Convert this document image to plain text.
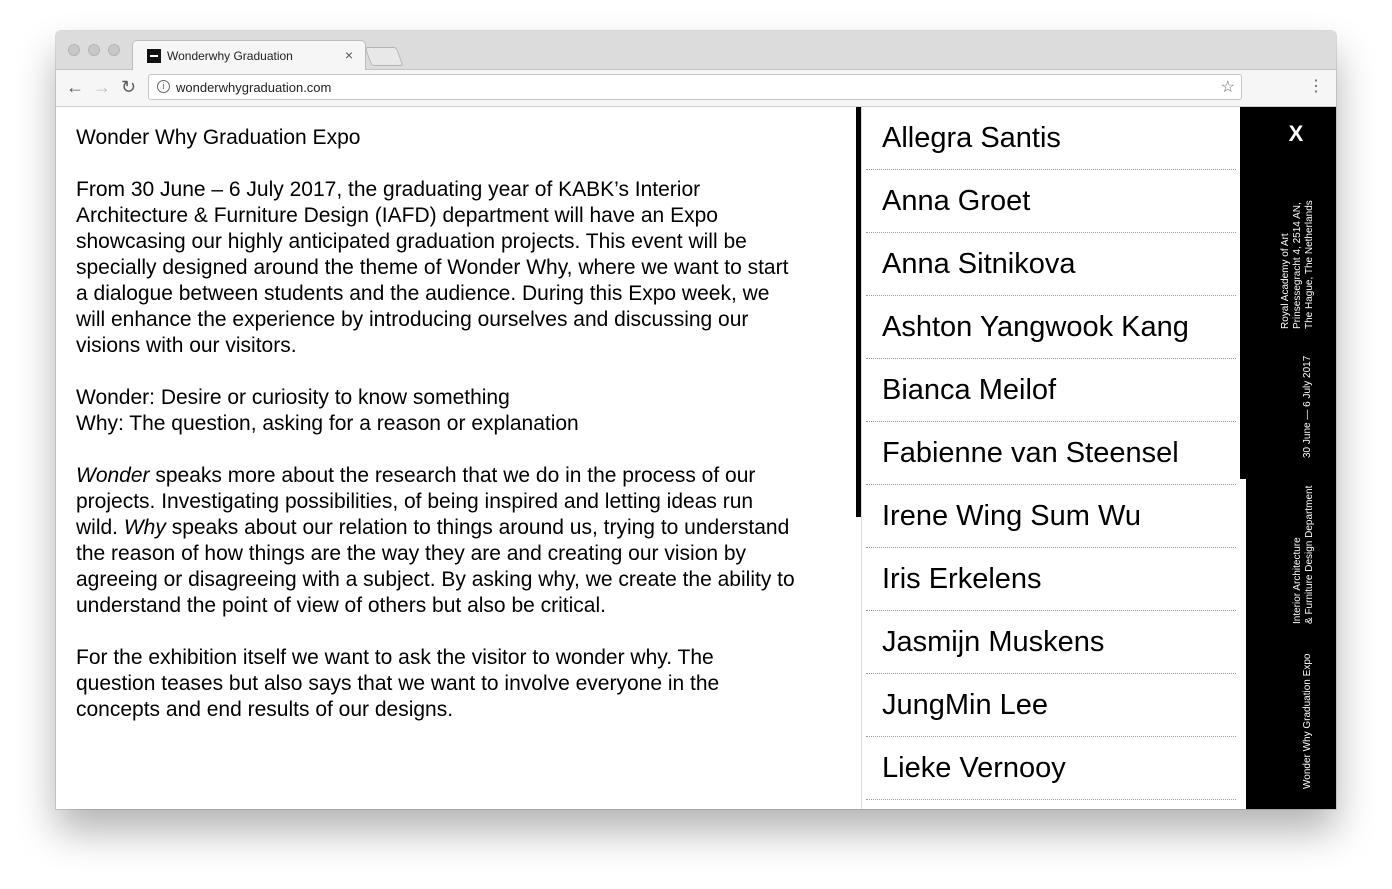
Wonderwhy Graduation	×
← → ↻	i wonderwhygraduation.com	☆	⋮

Wonder Why Graduation Expo

From 30 June – 6 July 2017, the graduating year of KABK’s Interior Architecture & Furniture Design (IAFD) department will have an Expo showcasing our highly anticipated graduation projects. This event will be specially designed around the theme of Wonder Why, where we want to start a dialogue between students and the audience. During this Expo week, we will enhance the experience by introducing ourselves and discussing our visions with our visitors.

Wonder: Desire or curiosity to know something
Why: The question, asking for a reason or explanation

Wonder speaks more about the research that we do in the process of our projects. Investigating possibilities, of being inspired and letting ideas run wild. Why speaks about our relation to things around us, trying to understand the reason of how things are the way they are and creating our vision by agreeing or disagreeing with a subject. By asking why, we create the ability to understand the point of view of others but also be critical.

For the exhibition itself we want to ask the visitor to wonder why. The question teases but also says that we want to involve everyone in the concepts and end results of our designs.

Allegra Santis
Anna Groet
Anna Sitnikova
Ashton Yangwook Kang
Bianca Meilof
Fabienne van Steensel
Irene Wing Sum Wu
Iris Erkelens
Jasmijn Muskens
JungMin Lee
Lieke Vernooy
X
Royal Academy of Art Prinsessegracht 4, 2514 AN, The Hague, The Netherlands
30 June — 6 July 2017
Interior Architecture & Furniture Design Department
Wonder Why Graduation Expo
